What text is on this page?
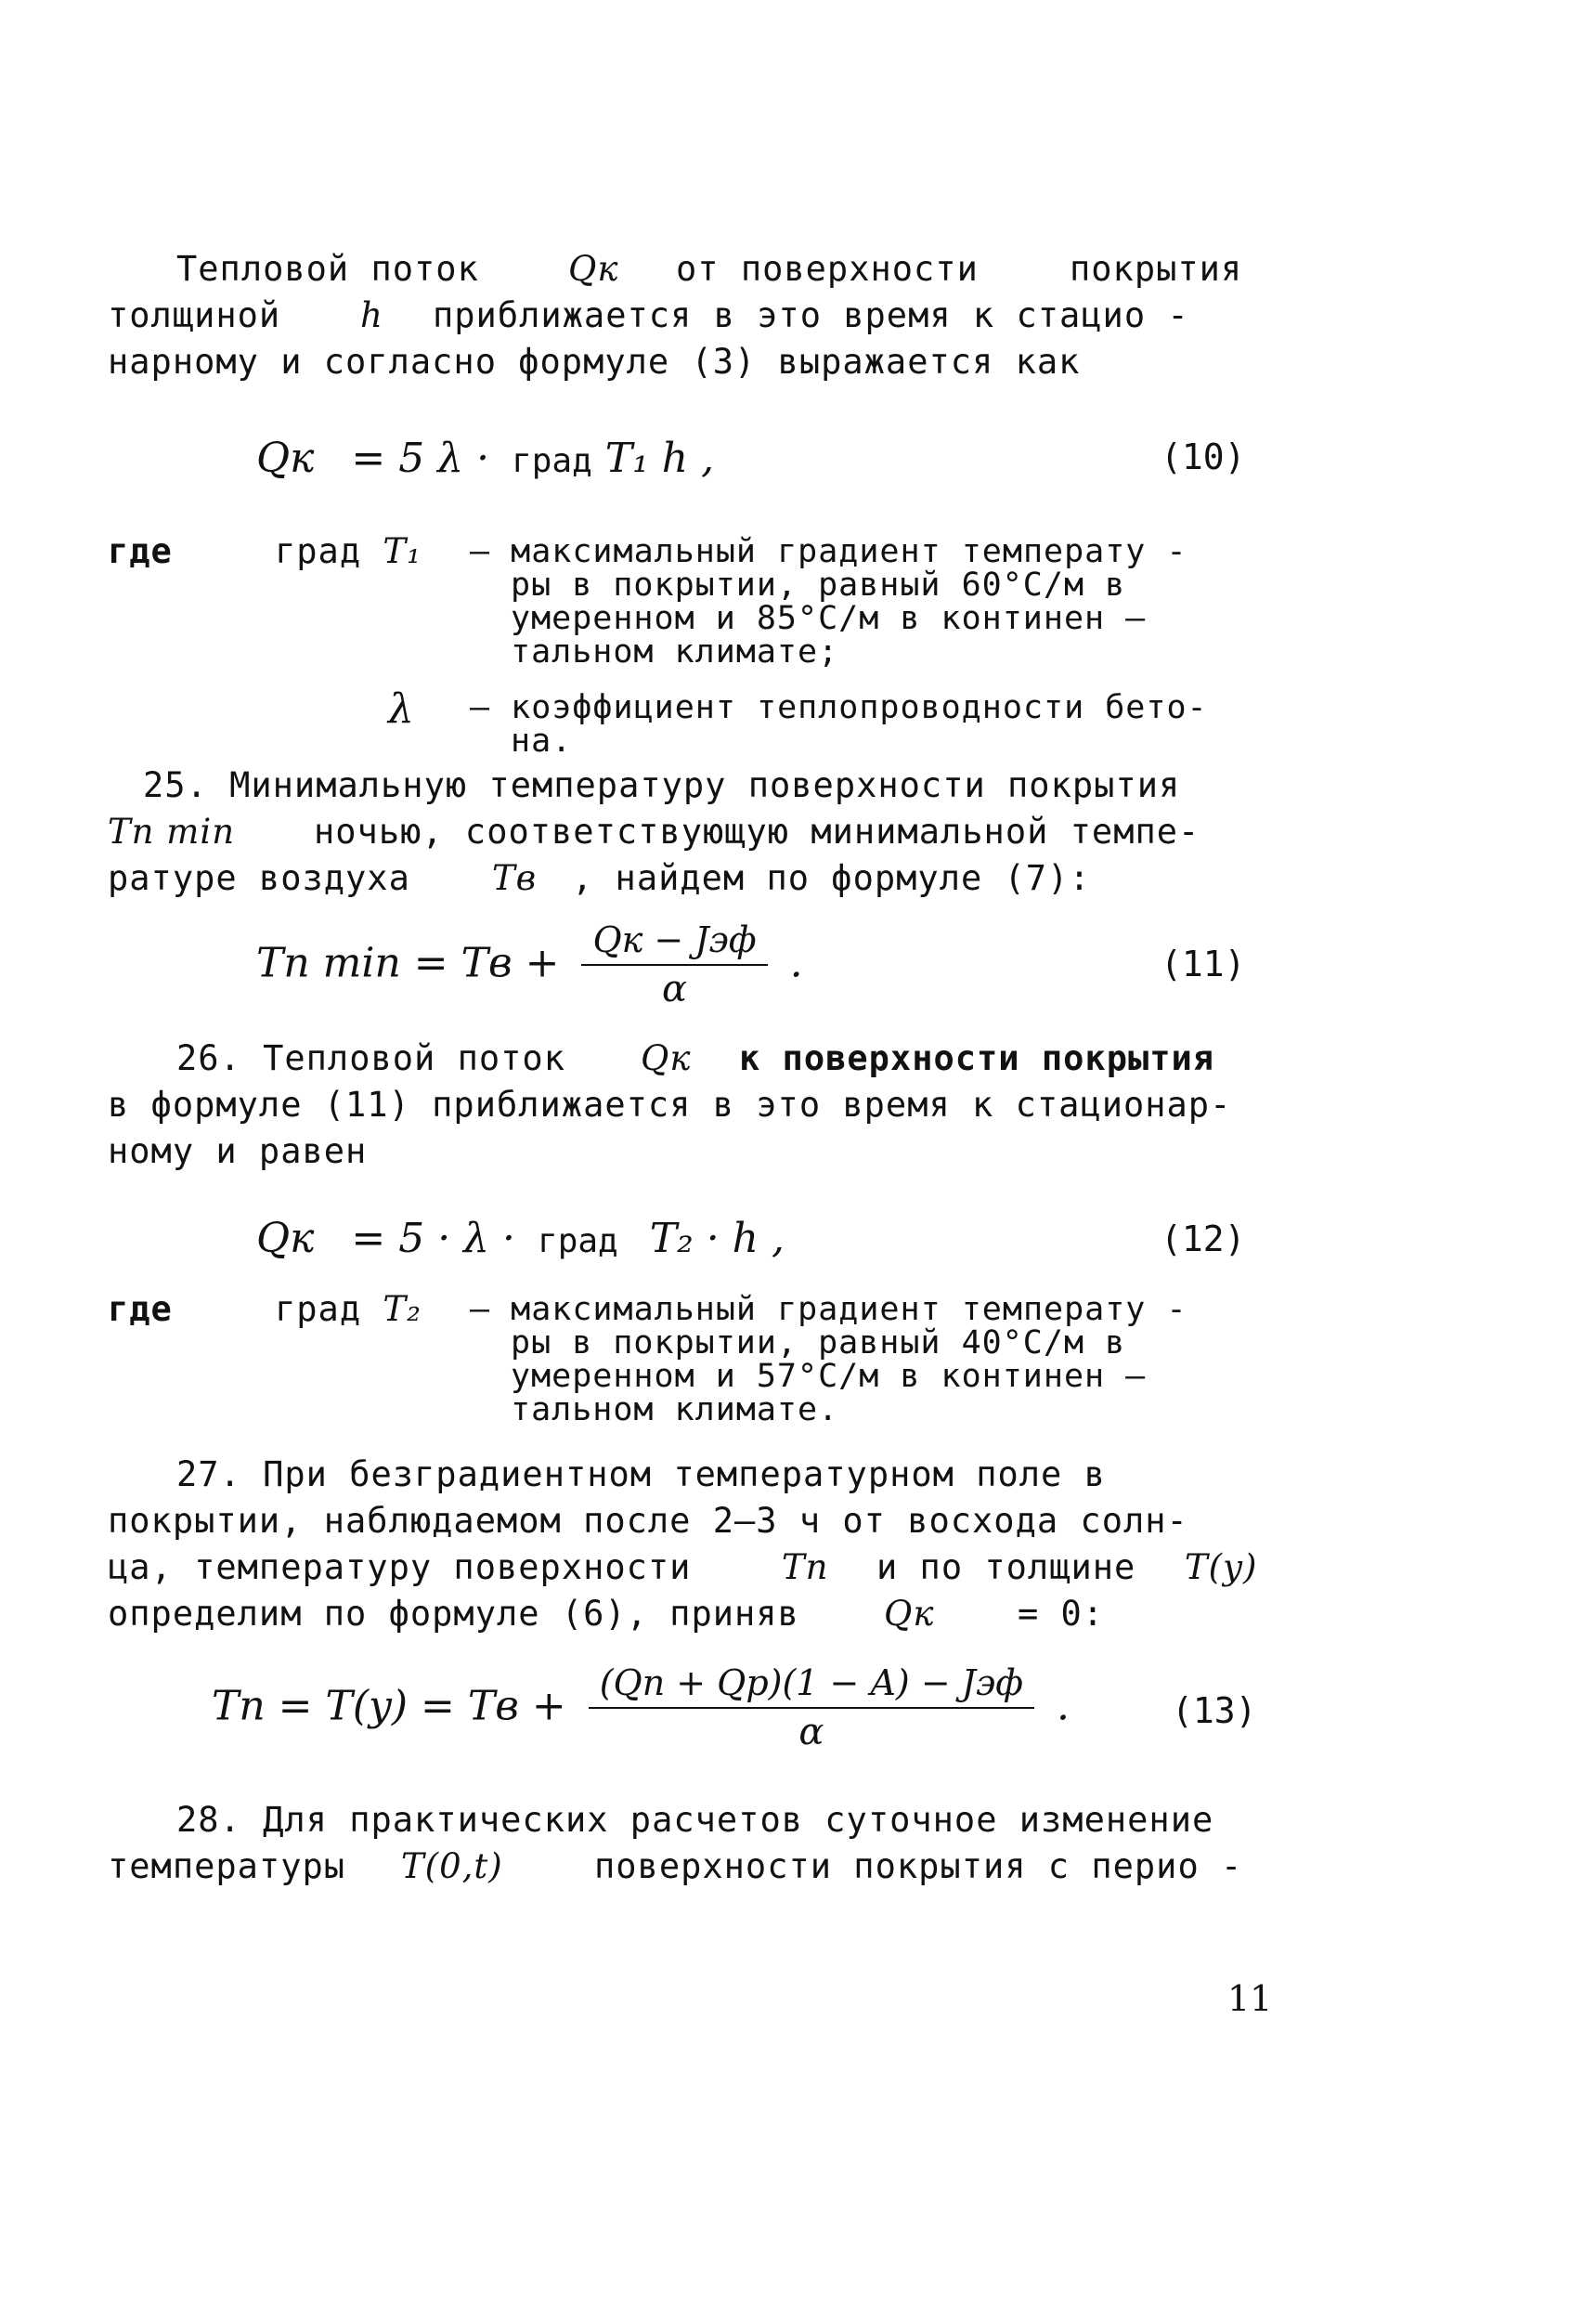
Тепловой поток	Qк от поверхности	покрытия
толщиной h приближается в это время к стацио -
нарному и согласно формуле (3) выражается как
Qк = 5 λ · град T₁ h ,	(10)
где	град T₁ – максимальный градиент температу -
ры в покрытии, равный 60°С/м в
умеренном и 85°С/м в континен –
тальном климате;
λ – коэффициент теплопроводности бето-
на.
25. Минимальную температуру поверхности покрытия
Tп min ночью, соответствующую минимальной темпе-
ратуре воздуха Tв , найдем по формуле (7):
Tп min = Tв + $\frac{\text{Qк − Jэф}}{\alpha}$ .	(11)
26. Тепловой поток Qк к поверхности покрытия
в формуле (11) приближается в это время к стационар-
ному и равен
Qк = 5 · λ · град T₂ · h ,	(12)
где	град T₂ – максимальный градиент температу -
ры в покрытии, равный 40°С/м в
умеренном и 57°С/м в континен –
тальном климате.
27. При безградиентном температурном поле в
покрытии, наблюдаемом после 2–3 ч от восхода солн-
ца, температуру поверхности	Tп и по толщине T(y)
определим по формуле (6), приняв Qк = 0:
Tп = T(y) = Tв + $\frac{\text{(Qп + Qр)(1 − A) − Jэф}}{\alpha}$ .	(13)
28. Для практических расчетов суточное изменение
температуры T(0,t)	поверхности покрытия с перио -
11
